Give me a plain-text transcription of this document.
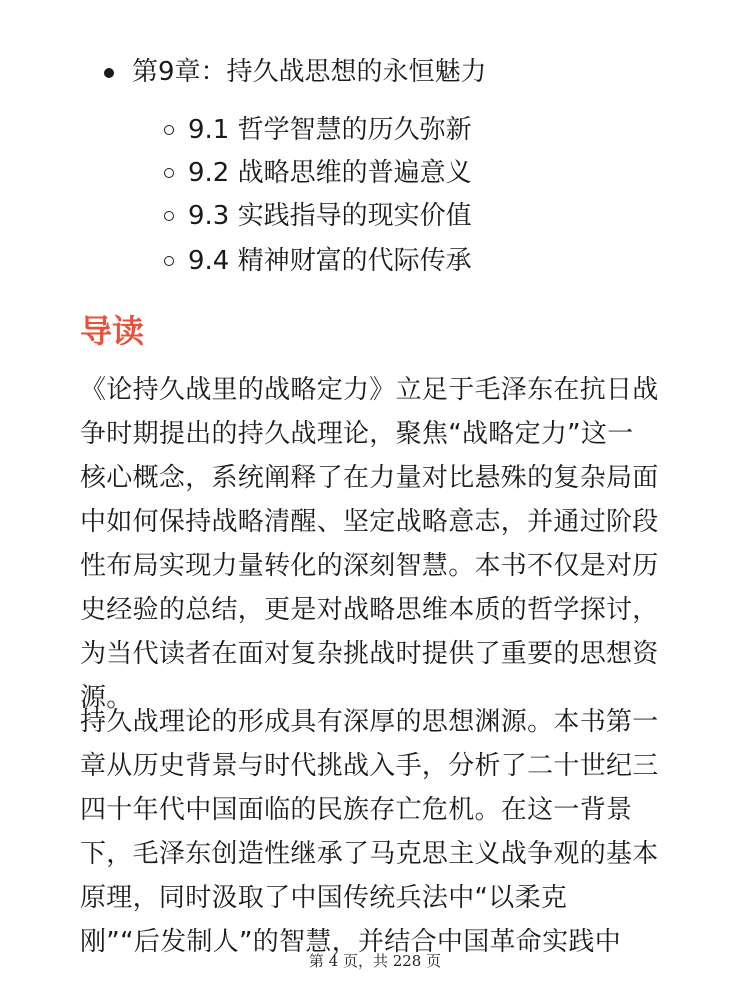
第9章：持久战思想的永恒魅力
9.1 哲学智慧的历久弥新
9.2 战略思维的普遍意义
9.3 实践指导的现实价值
9.4 精神财富的代际传承
导读
《论持久战里的战略定力》立足于毛泽东在抗日战
争时期提出的持久战理论，聚焦“战略定力”这一
核心概念，系统阐释了在力量对比悬殊的复杂局面
中如何保持战略清醒、坚定战略意志，并通过阶段
性布局实现力量转化的深刻智慧。本书不仅是对历
史经验的总结，更是对战略思维本质的哲学探讨，
为当代读者在面对复杂挑战时提供了重要的思想资
源。
持久战理论的形成具有深厚的思想渊源。本书第一
章从历史背景与时代挑战入手，分析了二十世纪三
四十年代中国面临的民族存亡危机。在这一背景
下，毛泽东创造性继承了马克思主义战争观的基本
原理，同时汲取了中国传统兵法中“以柔克
刚”“后发制人”的智慧，并结合中国革命实践中
第 4 页，共 228 页
